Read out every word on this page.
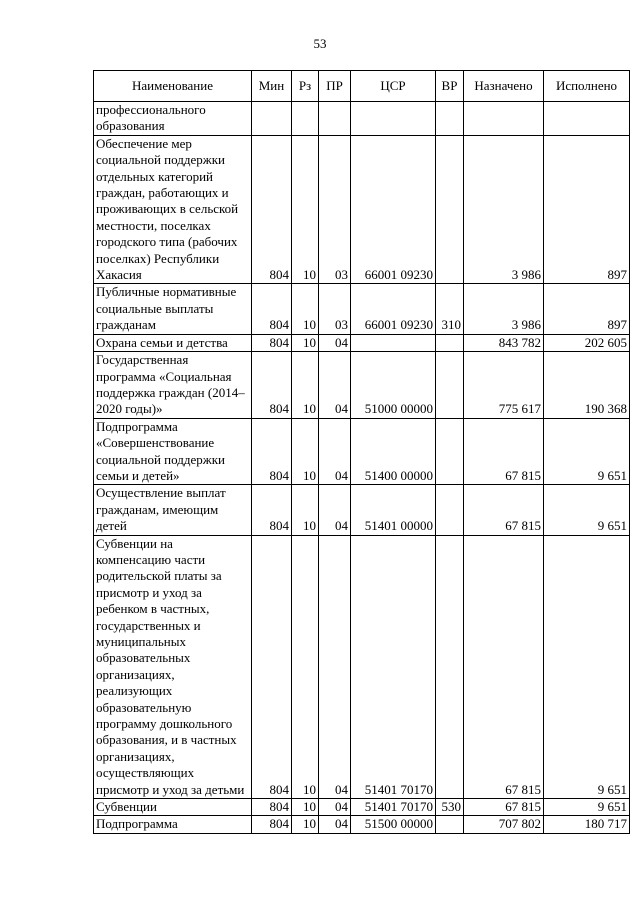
53
Наименование	Мин	Рз	ПР	ЦСР	ВР	Назначено	Исполнено
профессионального образования							
Обеспечение мер социальной поддержки отдельных категорий граждан, работающих и проживающих в сельской местности, поселках городского типа (рабочих поселках) Республики Хакасия	804	10	03	66001 09230		3 986	897
Публичные нормативные социальные выплаты гражданам	804	10	03	66001 09230	310	3 986	897
Охрана семьи и детства	804	10	04			843 782	202 605
Государственная программа «Социальная поддержка граждан (2014–2020 годы)»	804	10	04	51000 00000		775 617	190 368
Подпрограмма «Совершенствование социальной поддержки семьи и детей»	804	10	04	51400 00000		67 815	9 651
Осуществление выплат гражданам, имеющим детей	804	10	04	51401 00000		67 815	9 651
Субвенции на компенсацию части родительской платы за присмотр и уход за ребенком в частных, государственных и муниципальных образовательных организациях, реализующих образовательную программу дошкольного образования, и в частных организациях, осуществляющих присмотр и уход за детьми	804	10	04	51401 70170		67 815	9 651
Субвенции	804	10	04	51401 70170	530	67 815	9 651
Подпрограмма	804	10	04	51500 00000		707 802	180 717
